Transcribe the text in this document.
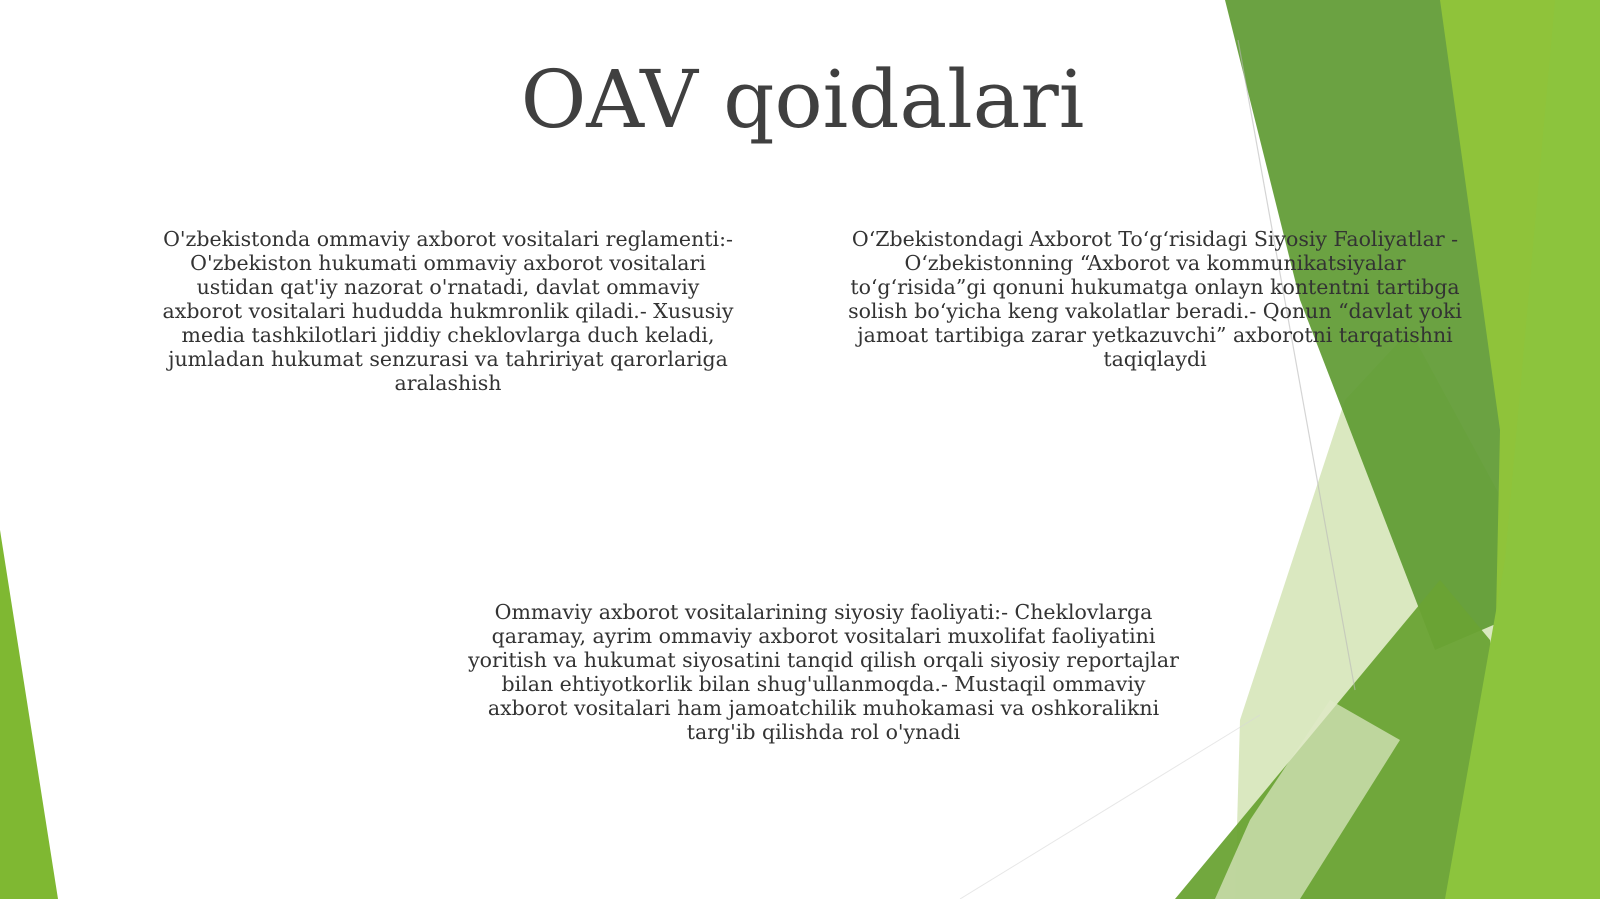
OAV qoidalari

O'zbekistonda ommaviy axborot vositalari reglamenti:- O'zbekiston hukumati ommaviy axborot vositalari ustidan qat'iy nazorat o'rnatadi, davlat ommaviy axborot vositalari hududda hukmronlik qiladi.- Xususiy media tashkilotlari jiddiy cheklovlarga duch keladi, jumladan hukumat senzurasi va tahririyat qarorlariga aralashish

O‘Zbekistondagi Axborot To‘g‘risidagi Siyosiy Faoliyatlar - O‘zbekistonning “Axborot va kommunikatsiyalar to‘g‘risida”gi qonuni hukumatga onlayn kontentni tartibga solish bo‘yicha keng vakolatlar beradi.- Qonun “davlat yoki jamoat tartibiga zarar yetkazuvchi” axborotni tarqatishni taqiqlaydi

Ommaviy axborot vositalarining siyosiy faoliyati:- Cheklovlarga qaramay, ayrim ommaviy axborot vositalari muxolifat faoliyatini yoritish va hukumat siyosatini tanqid qilish orqali siyosiy reportajlar bilan ehtiyotkorlik bilan shug'ullanmoqda.- Mustaqil ommaviy axborot vositalari ham jamoatchilik muhokamasi va oshkoralikni targ'ib qilishda rol o'ynadi
